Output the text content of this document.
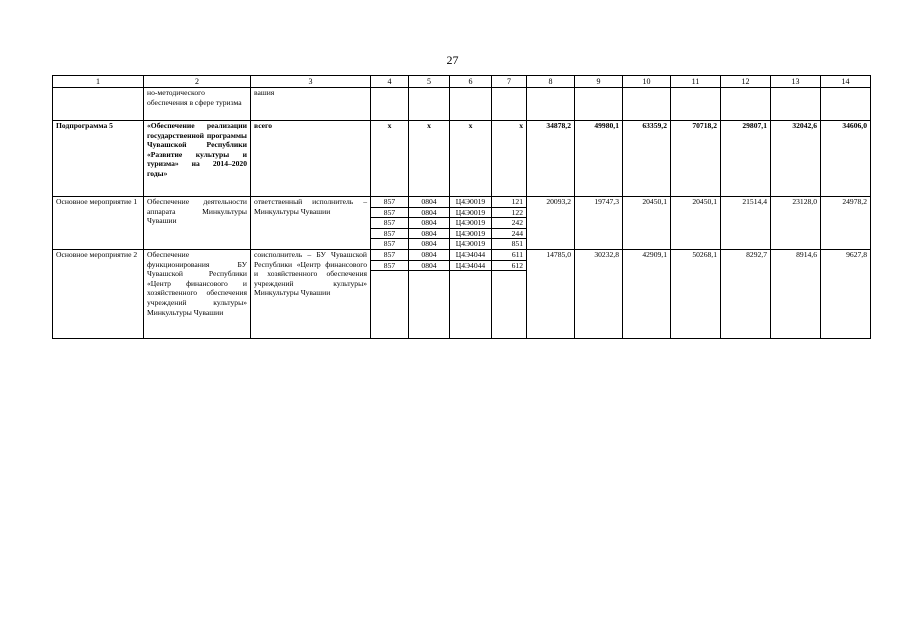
27
1	2	3	4	5	6	7	8	9	10	11	12	13	14
	но-методического обеспечения в сфере туризма	вашия											
Подпрограмма 5	«Обеспечение реализации государственной программы Чувашской Республики «Развитие культуры и туризма» на 2014–2020 годы»	всего	x	x	x	x	34878,2	49980,1	63359,2	70718,2	29807,1	32042,6	34606,0
Основное мероприятие 1	Обеспечение деятельности аппарата Минкультуры Чувашии	ответственный исполнитель – Минкультуры Чувашии	857	0804	Ц4Э0019	121	20093,2	19747,3	20450,1	20450,1	21514,4	23128,0	24978,2
			857	0804	Ц4Э0019	122							
			857	0804	Ц4Э0019	242							
			857	0804	Ц4Э0019	244							
			857	0804	Ц4Э0019	851							
Основное мероприятие 2	Обеспечение функционирования БУ Чувашской Республики «Центр финансового и хозяйственного обеспечения учреждений культуры» Минкультуры Чувашии	соисполнитель – БУ Чувашской Республики «Центр финансового и хозяйственного обеспечения учреждений культуры» Минкультуры Чувашии	857	0804	Ц4Э4044	611	14785,0	30232,8	42909,1	50268,1	8292,7	8914,6	9627,8
			857	0804	Ц4Э4044	612							
